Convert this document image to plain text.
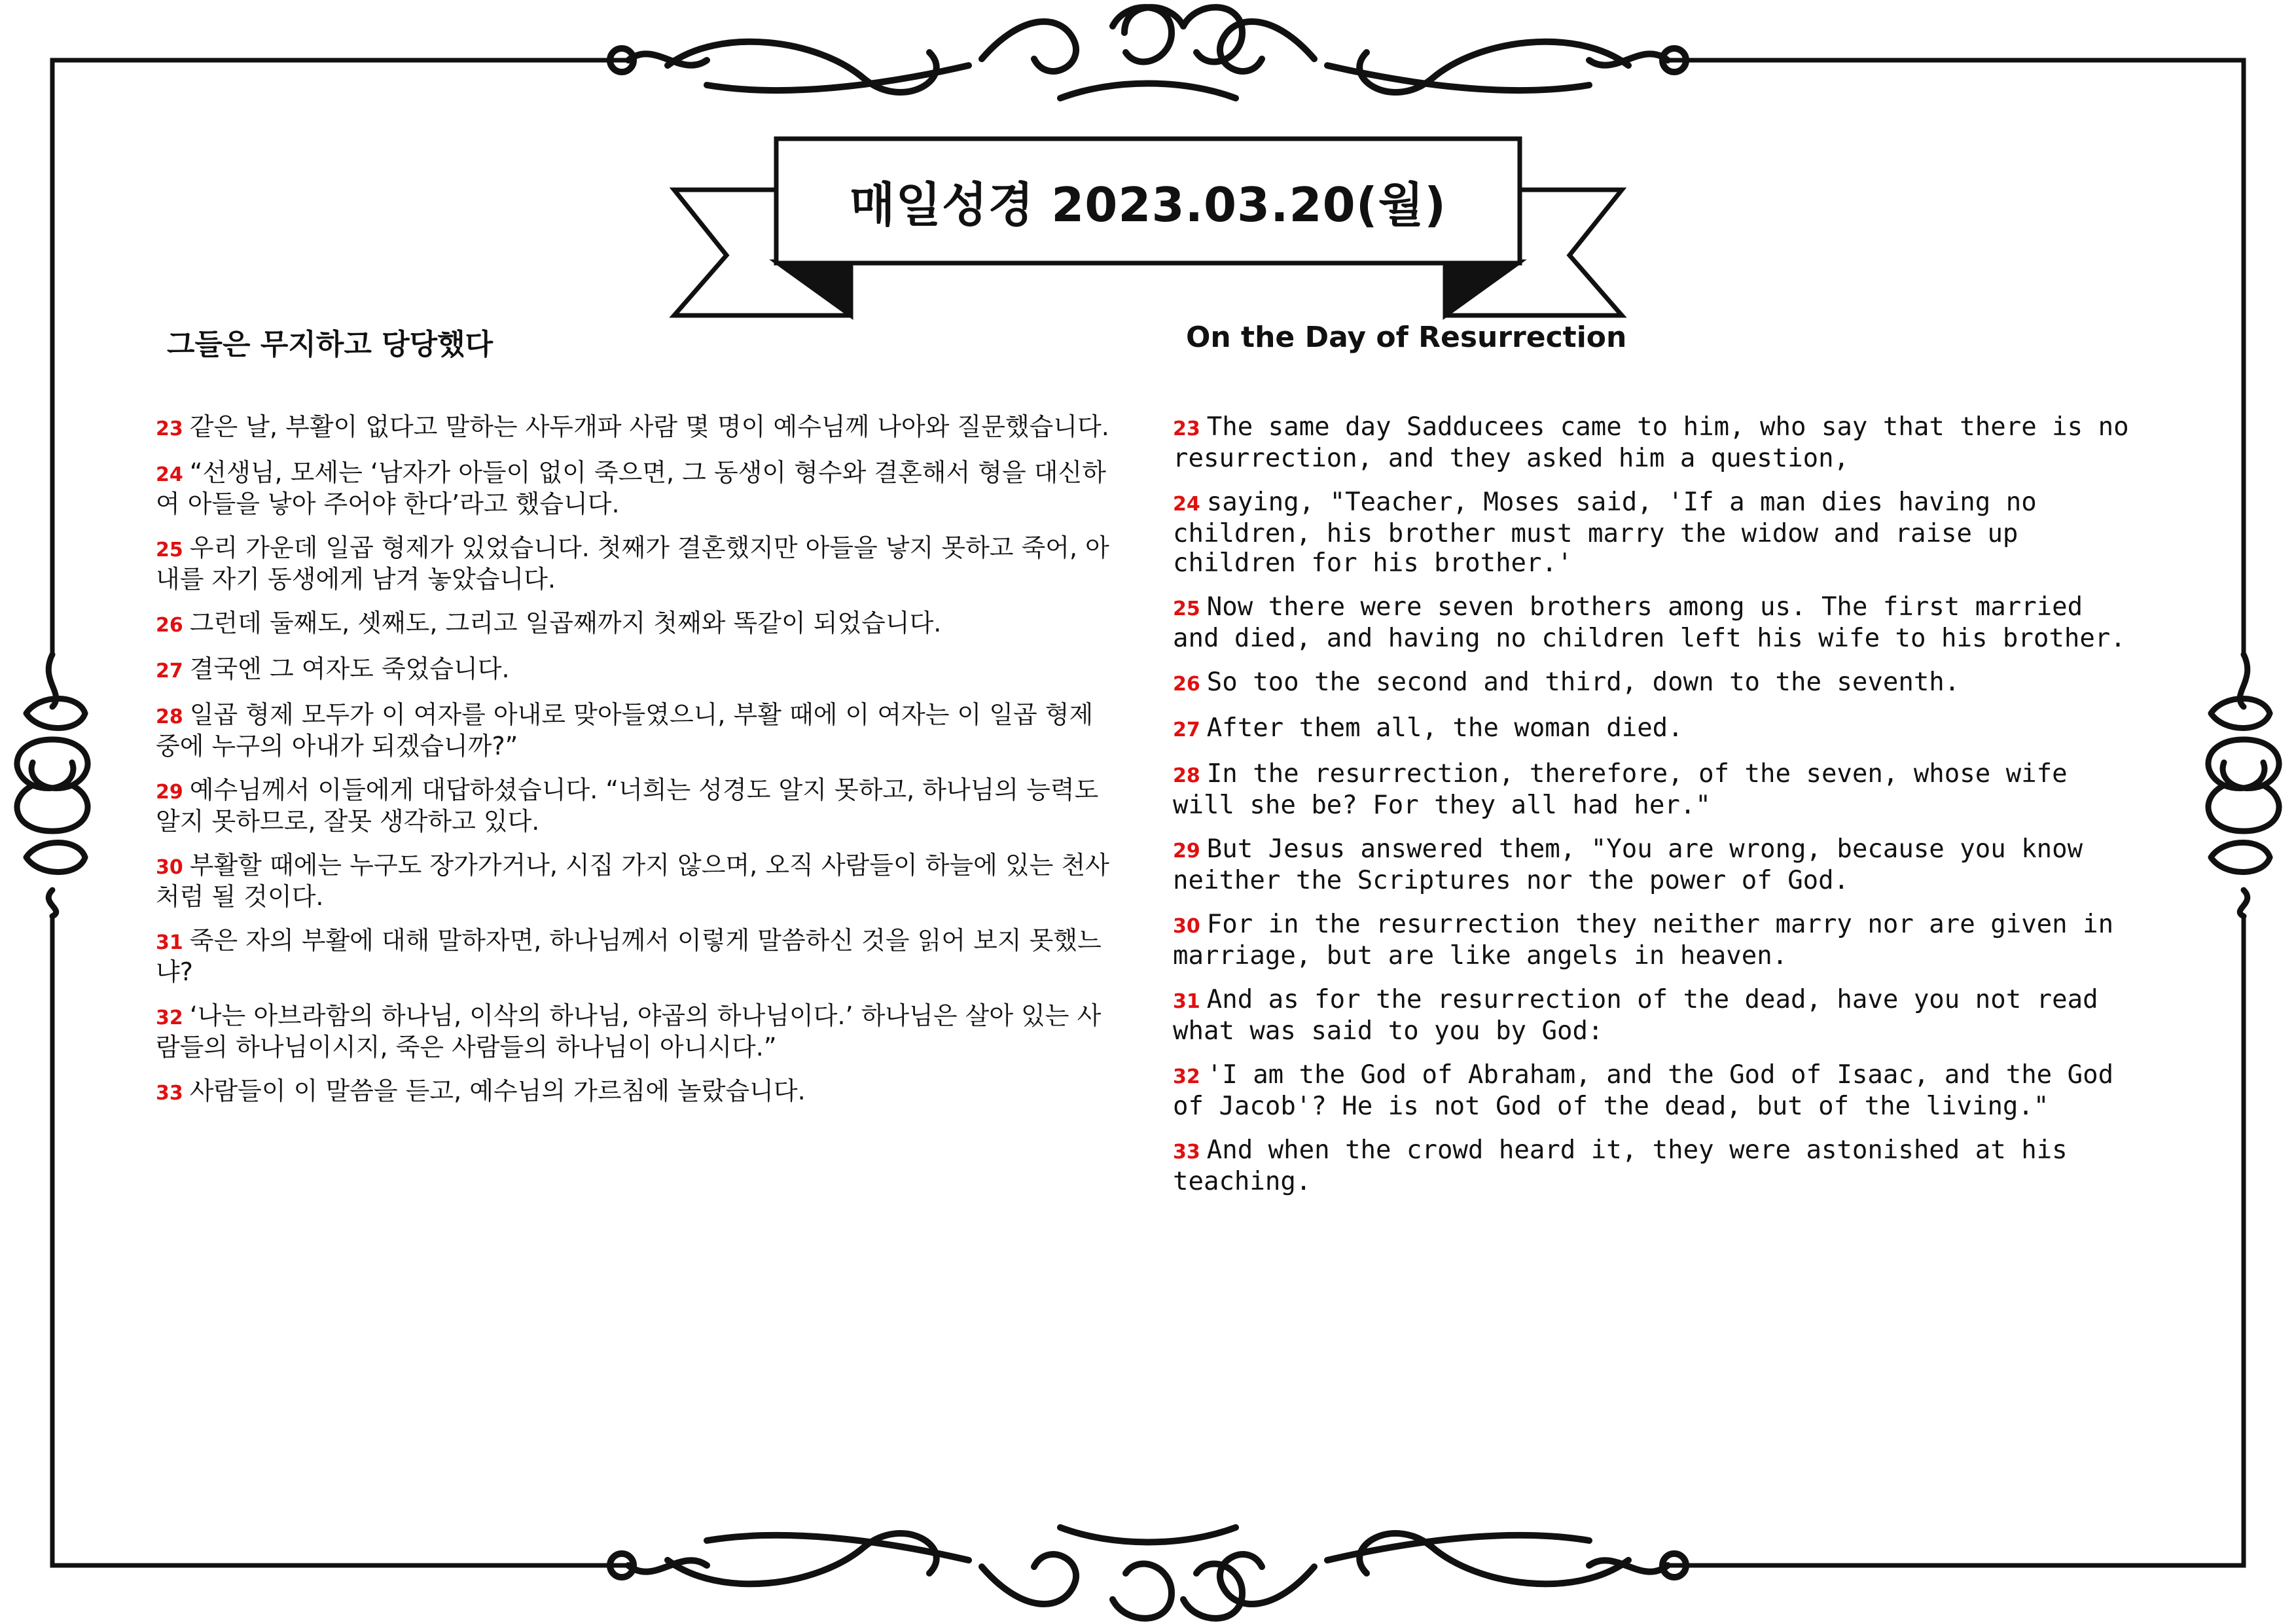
매일성경 2023.03.20(월)
그들은 무지하고 당당했다	On the Day of Resurrection

23 같은 날, 부활이 없다고 말하는 사두개파 사람 몇 명이 예수님께 나아와 질문했습니다.

24 “선생님, 모세는 ‘남자가 아들이 없이 죽으면, 그 동생이 형수와 결혼해서 형을 대신하여 아들을 낳아 주어야 한다’라고 했습니다.

25 우리 가운데 일곱 형제가 있었습니다. 첫째가 결혼했지만 아들을 낳지 못하고 죽어, 아내를 자기 동생에게 남겨 놓았습니다.

26 그런데 둘째도, 셋째도, 그리고 일곱째까지 첫째와 똑같이 되었습니다.

27 결국엔 그 여자도 죽었습니다.

28 일곱 형제 모두가 이 여자를 아내로 맞아들였으니, 부활 때에 이 여자는 이 일곱 형제 중에 누구의 아내가 되겠습니까?”

29 예수님께서 이들에게 대답하셨습니다. “너희는 성경도 알지 못하고, 하나님의 능력도 알지 못하므로, 잘못 생각하고 있다.

30 부활할 때에는 누구도 장가가거나, 시집 가지 않으며, 오직 사람들이 하늘에 있는 천사처럼 될 것이다.

31 죽은 자의 부활에 대해 말하자면, 하나님께서 이렇게 말씀하신 것을 읽어 보지 못했느냐?

32 ‘나는 아브라함의 하나님, 이삭의 하나님, 야곱의 하나님이다.’ 하나님은 살아 있는 사람들의 하나님이시지, 죽은 사람들의 하나님이 아니시다.”

33 사람들이 이 말씀을 듣고, 예수님의 가르침에 놀랐습니다.

23 The same day Sadducees came to him, who say that there is no resurrection, and they asked him a question,

24 saying, "Teacher, Moses said, 'If a man dies having no children, his brother must marry the widow and raise up children for his brother.'

25 Now there were seven brothers among us. The first married and died, and having no children left his wife to his brother.

26 So too the second and third, down to the seventh.

27 After them all, the woman died.

28 In the resurrection, therefore, of the seven, whose wife will she be? For they all had her."

29 But Jesus answered them, "You are wrong, because you know neither the Scriptures nor the power of God.

30 For in the resurrection they neither marry nor are given in marriage, but are like angels in heaven.

31 And as for the resurrection of the dead, have you not read what was said to you by God:

32 'I am the God of Abraham, and the God of Isaac, and the God of Jacob'? He is not God of the dead, but of the living."

33 And when the crowd heard it, they were astonished at his teaching.
